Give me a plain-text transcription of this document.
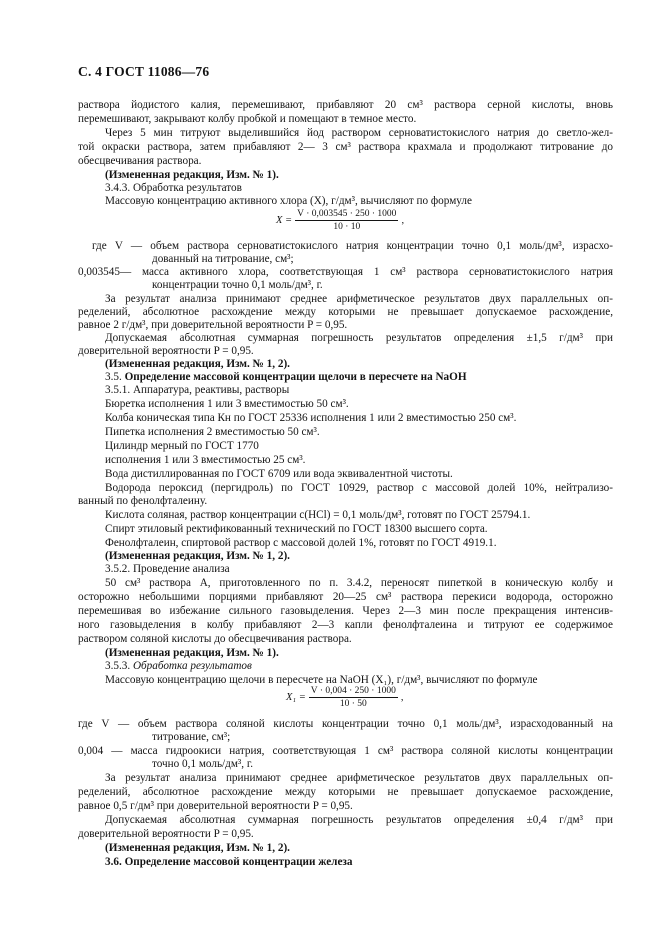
С. 4 ГОСТ 11086—76
раствора йодистого калия, перемешивают, прибавляют 20 см³ раствора серной кислоты, вновь
перемешивают, закрывают колбу пробкой и помещают в темное место.
Через 5 мин титруют выделившийся йод раствором серноватистокислого натрия до светло-жел-
той окраски раствора, затем прибавляют 2— 3 см³ раствора крахмала и продолжают титрование до
обесцвечивания раствора.
(Измененная редакция, Изм. № 1).
3.4.3. Обработка результатов
Массовую концентрацию активного хлора (X), г/дм³, вычисляют по формуле
$X = \frac{V \cdot 0,003545 \cdot 250 \cdot 1000}{10 \cdot 10}$ ,
где V — объем раствора серноватистокислого натрия концентрации точно 0,1 моль/дм³, израсхо-
дованный на титрование, см³;
0,003545— масса активного хлора, соответствующая 1 см³ раствора серноватистокислого натрия
концентрации точно 0,1 моль/дм³, г.
За результат анализа принимают среднее арифметическое результатов двух параллельных оп-
ределений, абсолютное расхождение между которыми не превышает допускаемое расхождение,
равное 2 г/дм³, при доверительной вероятности P = 0,95.
Допускаемая абсолютная суммарная погрешность результатов определения ±1,5 г/дм³ при
доверительной вероятности P = 0,95.
(Измененная редакция, Изм. № 1, 2).
3.5. Определение массовой концентрации щелочи в пересчете на NaOH
3.5.1. Аппаратура, реактивы, растворы
Бюретка исполнения 1 или 3 вместимостью 50 см³.
Колба коническая типа Кн по ГОСТ 25336 исполнения 1 или 2 вместимостью 250 см³.
Пипетка исполнения 2 вместимостью 50 см³.
Цилиндр мерный по ГОСТ 1770
исполнения 1 или 3 вместимостью 25 см³.
Вода дистиллированная по ГОСТ 6709 или вода эквивалентной чистоты.
Водорода пероксид (пергидроль) по ГОСТ 10929, раствор с массовой долей 10%, нейтрализо-
ванный по фенолфталеину.
Кислота соляная, раствор концентрации c(HCl) = 0,1 моль/дм³, готовят по ГОСТ 25794.1.
Спирт этиловый ректификованный технический по ГОСТ 18300 высшего сорта.
Фенолфталеин, спиртовой раствор с массовой долей 1%, готовят по ГОСТ 4919.1.
(Измененная редакция, Изм. № 1, 2).
3.5.2. Проведение анализа
50 см³ раствора А, приготовленного по п. 3.4.2, переносят пипеткой в коническую колбу и
осторожно небольшими порциями прибавляют 20—25 см³ раствора перекиси водорода, осторожно
перемешивая во избежание сильного газовыделения. Через 2—3 мин после прекращения интенсив-
ного газовыделения в колбу прибавляют 2—3 капли фенолфталеина и титруют ее содержимое
раствором соляной кислоты до обесцвечивания раствора.
(Измененная редакция, Изм. № 1).
3.5.3. Обработка результатов
Массовую концентрацию щелочи в пересчете на NaOH (X₁), г/дм³, вычисляют по формуле
$X_1 = \frac{V \cdot 0,004 \cdot 250 \cdot 1000}{10 \cdot 50}$ ,
где V — объем раствора соляной кислоты концентрации точно 0,1 моль/дм³, израсходованный на
титрование, см³;
0,004 — масса гидроокиси натрия, соответствующая 1 см³ раствора соляной кислоты концентрации
точно 0,1 моль/дм³, г.
За результат анализа принимают среднее арифметическое результатов двух параллельных оп-
ределений, абсолютное расхождение между которыми не превышает допускаемое расхождение,
равное 0,5 г/дм³ при доверительной вероятности P = 0,95.
Допускаемая абсолютная суммарная погрешность результатов определения ±0,4 г/дм³ при
доверительной вероятности P = 0,95.
(Измененная редакция, Изм. № 1, 2).
3.6. Определение массовой концентрации железа
